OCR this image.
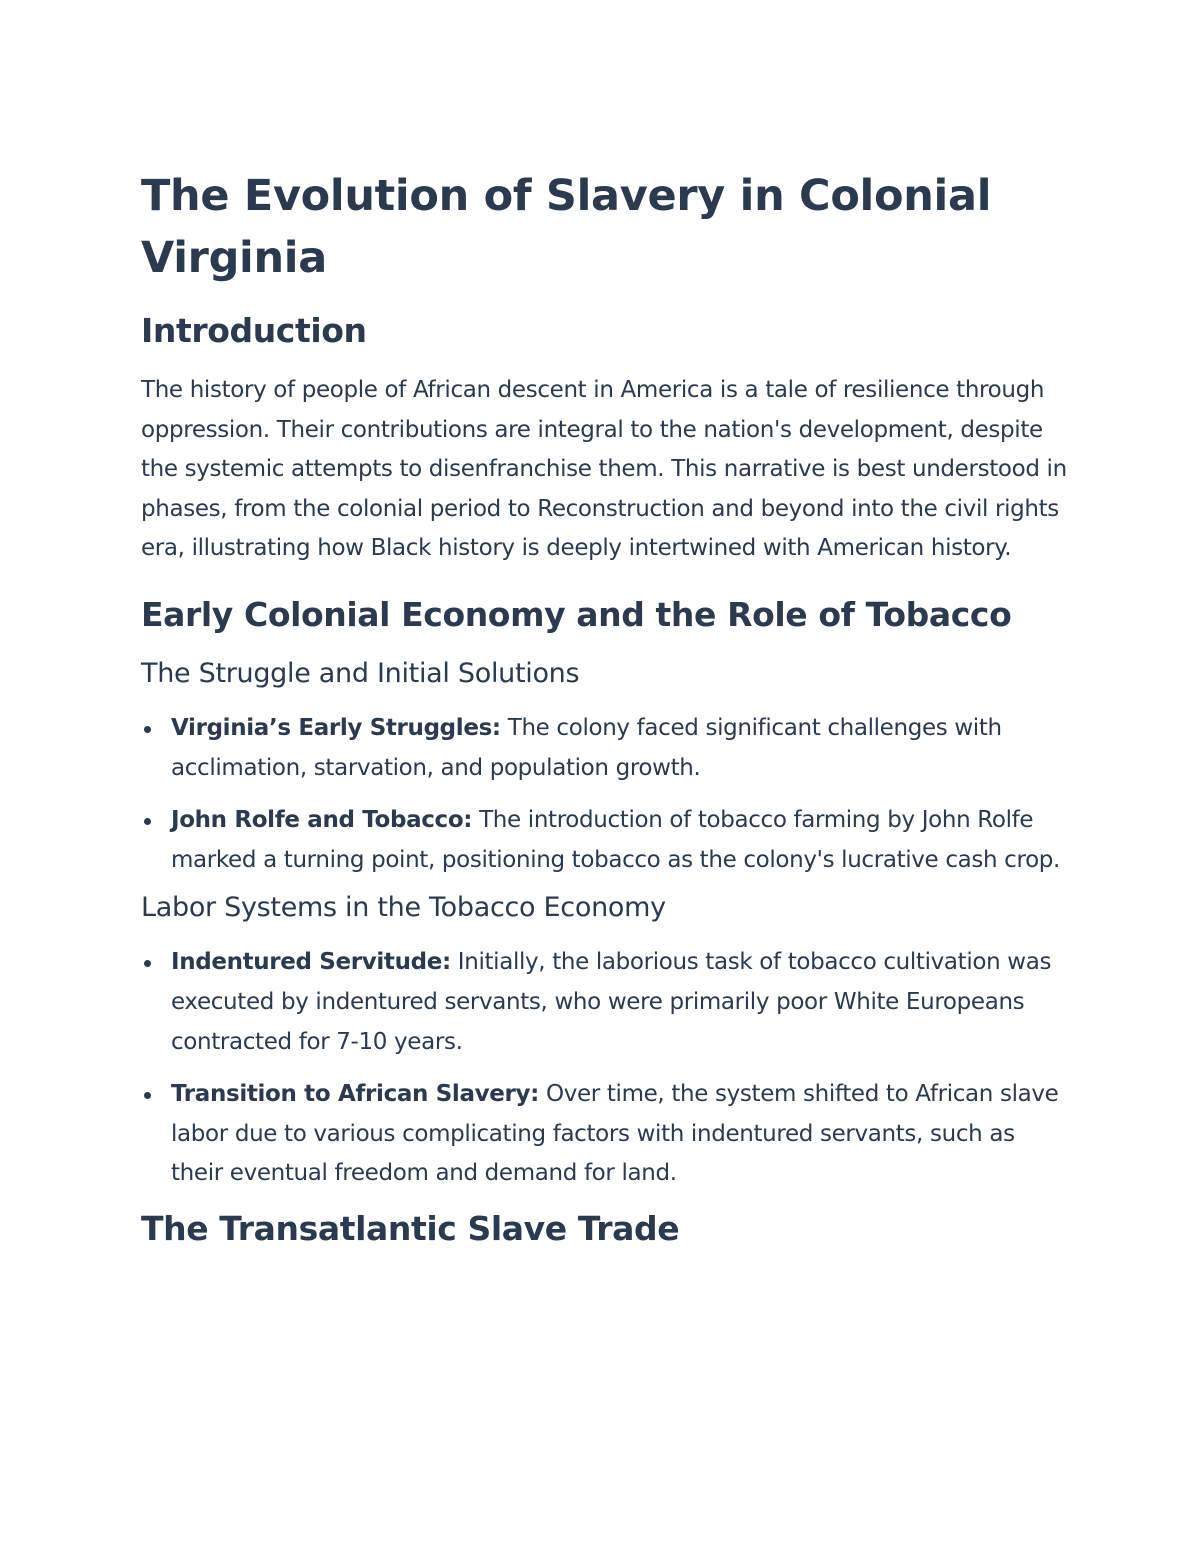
The Evolution of Slavery in Colonial Virginia
Introduction

The history of people of African descent in America is a tale of resilience through oppression. Their contributions are integral to the nation's development, despite the systemic attempts to disenfranchise them. This narrative is best understood in phases, from the colonial period to Reconstruction and beyond into the civil rights era, illustrating how Black history is deeply intertwined with American history.

Early Colonial Economy and the Role of Tobacco
The Struggle and Initial Solutions
Virginia’s Early Struggles: The colony faced significant challenges with acclimation, starvation, and population growth.
John Rolfe and Tobacco: The introduction of tobacco farming by John Rolfe marked a turning point, positioning tobacco as the colony's lucrative cash crop.
Labor Systems in the Tobacco Economy
Indentured Servitude: Initially, the laborious task of tobacco cultivation was executed by indentured servants, who were primarily poor White Europeans contracted for 7-10 years.
Transition to African Slavery: Over time, the system shifted to African slave labor due to various complicating factors with indentured servants, such as their eventual freedom and demand for land.
The Transatlantic Slave Trade
